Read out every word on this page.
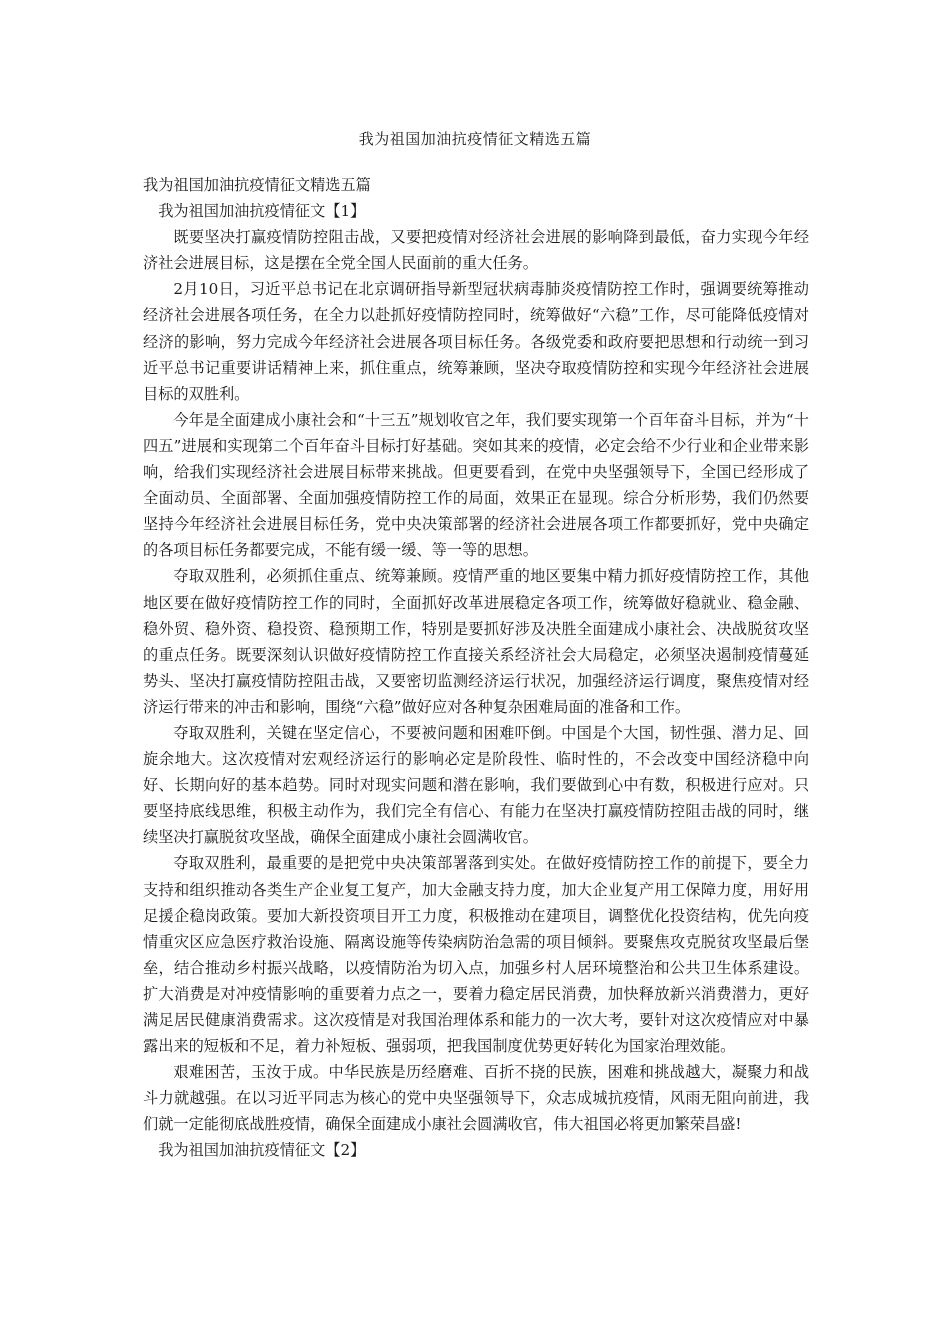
我为祖国加油抗疫情征文精选五篇

我为祖国加油抗疫情征文精选五篇

我为祖国加油抗疫情征文【1】

既要坚决打赢疫情防控阻击战，又要把疫情对经济社会进展的影响降到最低，奋力实现今年经济社会进展目标，这是摆在全党全国人民面前的重大任务。

2月10日，习近平总书记在北京调研指导新型冠状病毒肺炎疫情防控工作时，强调要统筹推动经济社会进展各项任务，在全力以赴抓好疫情防控同时，统筹做好“六稳”工作，尽可能降低疫情对经济的影响，努力完成今年经济社会进展各项目标任务。各级党委和政府要把思想和行动统一到习近平总书记重要讲话精神上来，抓住重点，统筹兼顾，坚决夺取疫情防控和实现今年经济社会进展目标的双胜利。

今年是全面建成小康社会和“十三五”规划收官之年，我们要实现第一个百年奋斗目标，并为“十四五”进展和实现第二个百年奋斗目标打好基础。突如其来的疫情，必定会给不少行业和企业带来影响，给我们实现经济社会进展目标带来挑战。但更要看到，在党中央坚强领导下，全国已经形成了全面动员、全面部署、全面加强疫情防控工作的局面，效果正在显现。综合分析形势，我们仍然要坚持今年经济社会进展目标任务，党中央决策部署的经济社会进展各项工作都要抓好，党中央确定的各项目标任务都要完成，不能有缓一缓、等一等的思想。

夺取双胜利，必须抓住重点、统筹兼顾。疫情严重的地区要集中精力抓好疫情防控工作，其他地区要在做好疫情防控工作的同时，全面抓好改革进展稳定各项工作，统筹做好稳就业、稳金融、稳外贸、稳外资、稳投资、稳预期工作，特别是要抓好涉及决胜全面建成小康社会、决战脱贫攻坚的重点任务。既要深刻认识做好疫情防控工作直接关系经济社会大局稳定，必须坚决遏制疫情蔓延势头、坚决打赢疫情防控阻击战，又要密切监测经济运行状况，加强经济运行调度，聚焦疫情对经济运行带来的冲击和影响，围绕“六稳”做好应对各种复杂困难局面的准备和工作。

夺取双胜利，关键在坚定信心，不要被问题和困难吓倒。中国是个大国，韧性强、潜力足、回旋余地大。这次疫情对宏观经济运行的影响必定是阶段性、临时性的，不会改变中国经济稳中向好、长期向好的基本趋势。同时对现实问题和潜在影响，我们要做到心中有数，积极进行应对。只要坚持底线思维，积极主动作为，我们完全有信心、有能力在坚决打赢疫情防控阻击战的同时，继续坚决打赢脱贫攻坚战，确保全面建成小康社会圆满收官。

夺取双胜利，最重要的是把党中央决策部署落到实处。在做好疫情防控工作的前提下，要全力支持和组织推动各类生产企业复工复产，加大金融支持力度，加大企业复产用工保障力度，用好用足援企稳岗政策。要加大新投资项目开工力度，积极推动在建项目，调整优化投资结构，优先向疫情重灾区应急医疗救治设施、隔离设施等传染病防治急需的项目倾斜。要聚焦攻克脱贫攻坚最后堡垒，结合推动乡村振兴战略，以疫情防治为切入点，加强乡村人居环境整治和公共卫生体系建设。扩大消费是对冲疫情影响的重要着力点之一，要着力稳定居民消费，加快释放新兴消费潜力，更好满足居民健康消费需求。这次疫情是对我国治理体系和能力的一次大考，要针对这次疫情应对中暴露出来的短板和不足，着力补短板、强弱项，把我国制度优势更好转化为国家治理效能。

艰难困苦，玉汝于成。中华民族是历经磨难、百折不挠的民族，困难和挑战越大，凝聚力和战斗力就越强。在以习近平同志为核心的党中央坚强领导下，众志成城抗疫情，风雨无阻向前进，我们就一定能彻底战胜疫情，确保全面建成小康社会圆满收官，伟大祖国必将更加繁荣昌盛!

我为祖国加油抗疫情征文【2】
